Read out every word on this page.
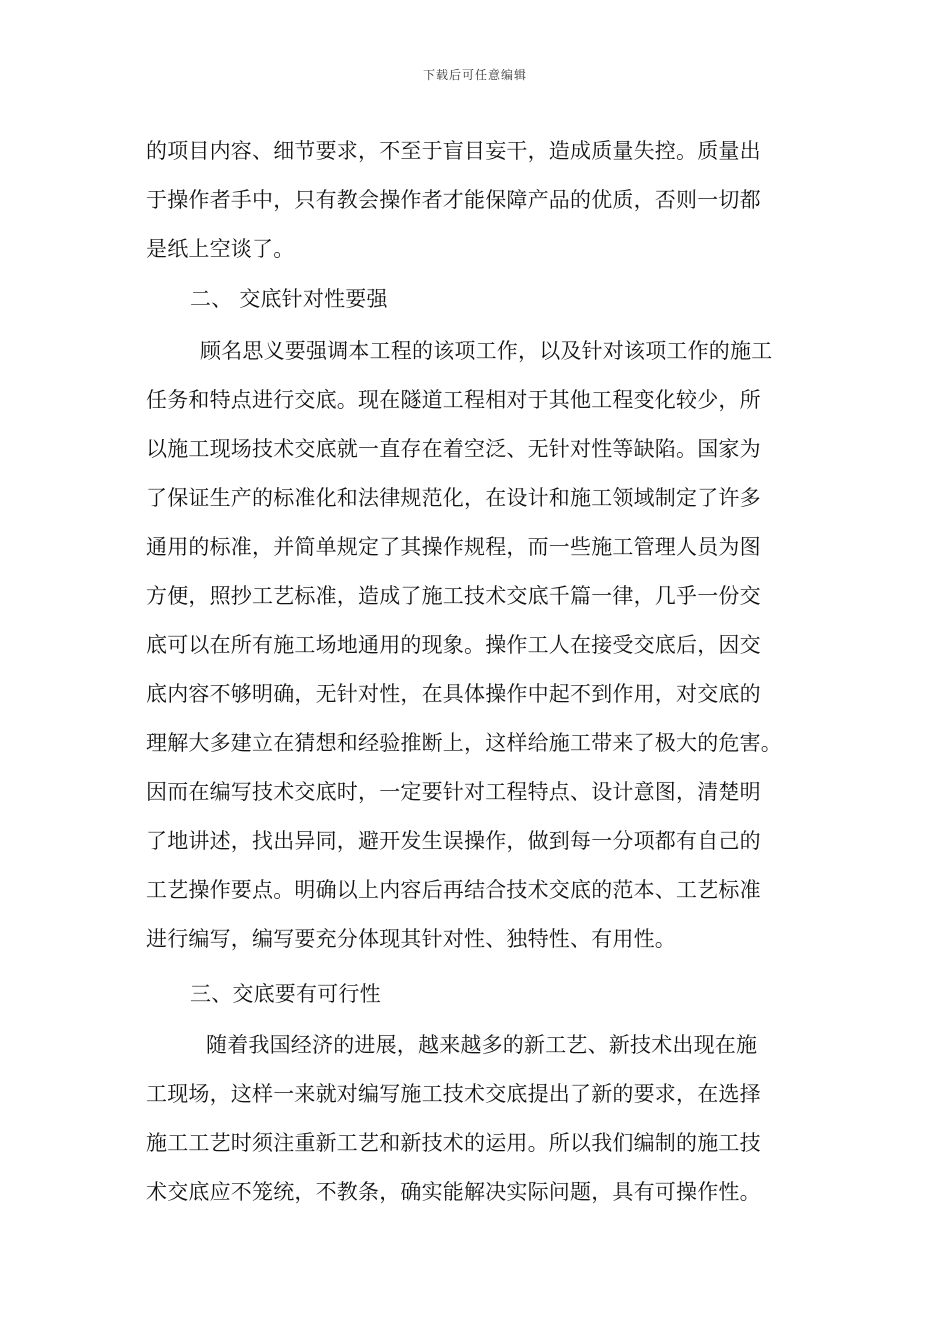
下载后可任意编辑
的项目内容、细节要求，不至于盲目妄干，造成质量失控。质量出
于操作者手中，只有教会操作者才能保障产品的优质，否则一切都
是纸上空谈了。
二、 交底针对性要强
顾名思义要强调本工程的该项工作，以及针对该项工作的施工
任务和特点进行交底。现在隧道工程相对于其他工程变化较少，所
以施工现场技术交底就一直存在着空泛、无针对性等缺陷。国家为
了保证生产的标准化和法律规范化，在设计和施工领域制定了许多
通用的标准，并简单规定了其操作规程，而一些施工管理人员为图
方便，照抄工艺标准，造成了施工技术交底千篇一律，几乎一份交
底可以在所有施工场地通用的现象。操作工人在接受交底后，因交
底内容不够明确，无针对性，在具体操作中起不到作用，对交底的
理解大多建立在猜想和经验推断上，这样给施工带来了极大的危害。
因而在编写技术交底时，一定要针对工程特点、设计意图，清楚明
了地讲述，找出异同，避开发生误操作，做到每一分项都有自己的
工艺操作要点。明确以上内容后再结合技术交底的范本、工艺标准
进行编写，编写要充分体现其针对性、独特性、有用性。
三、交底要有可行性
随着我国经济的进展，越来越多的新工艺、新技术出现在施
工现场，这样一来就对编写施工技术交底提出了新的要求，在选择
施工工艺时须注重新工艺和新技术的运用。所以我们编制的施工技
术交底应不笼统，不教条，确实能解决实际问题，具有可操作性。
